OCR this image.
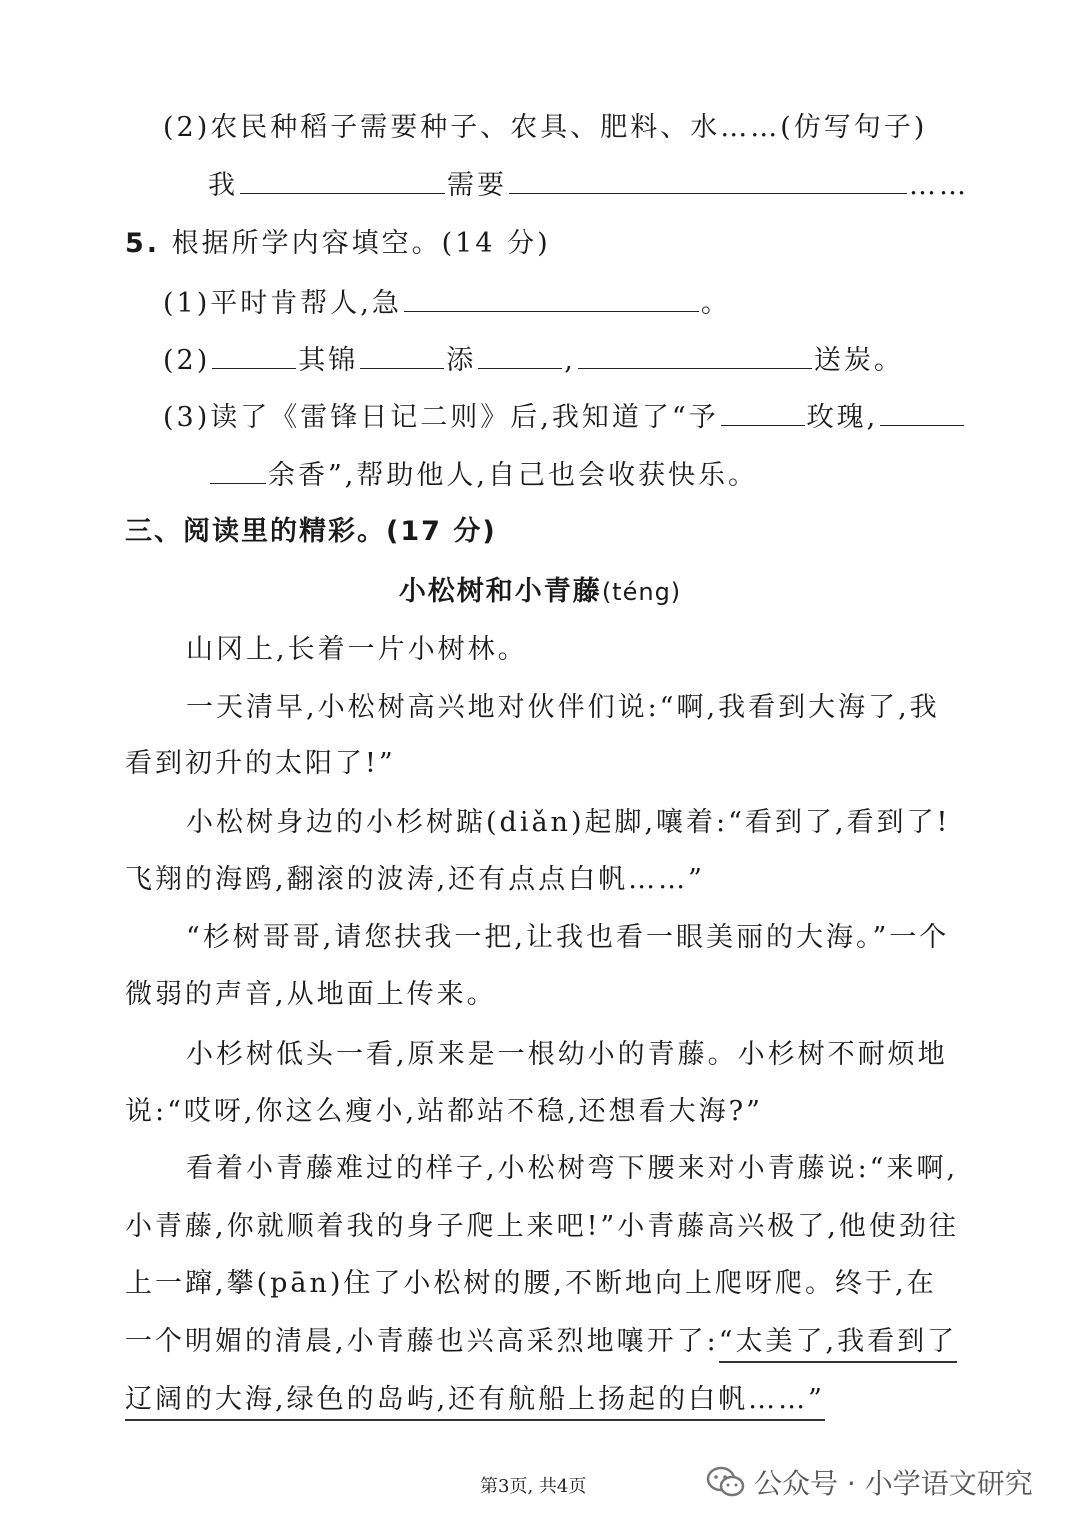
(2)农民种稻子需要种子、农具、肥料、水……(仿写句子)
我	需要	……
5. 根据所学内容填空。(14 分)
(1)平时肯帮人,急	。
(2)	其锦	添	,	送炭。
(3)读了《雷锋日记二则》后,我知道了“予	玫瑰,
余香”,帮助他人,自己也会收获快乐。
三、阅读里的精彩。(17 分)
小松树和小青藤(téng)
山冈上,长着一片小树林。
一天清早,小松树高兴地对伙伴们说:“啊,我看到大海了,我
看到初升的太阳了!”
小松树身边的小杉树踮(diǎn)起脚,嚷着:“看到了,看到了!
飞翔的海鸥,翻滚的波涛,还有点点白帆……”
“杉树哥哥,请您扶我一把,让我也看一眼美丽的大海。”一个
微弱的声音,从地面上传来。
小杉树低头一看,原来是一根幼小的青藤。小杉树不耐烦地
说:“哎呀,你这么瘦小,站都站不稳,还想看大海?”
看着小青藤难过的样子,小松树弯下腰来对小青藤说:“来啊,
小青藤,你就顺着我的身子爬上来吧!”小青藤高兴极了,他使劲往
上一蹿,攀(pān)住了小松树的腰,不断地向上爬呀爬。终于,在
一个明媚的清晨,小青藤也兴高采烈地嚷开了:“太美了,我看到了
辽阔的大海,绿色的岛屿,还有航船上扬起的白帆……”
第3页, 共4页	公众号 · 小学语文研究
